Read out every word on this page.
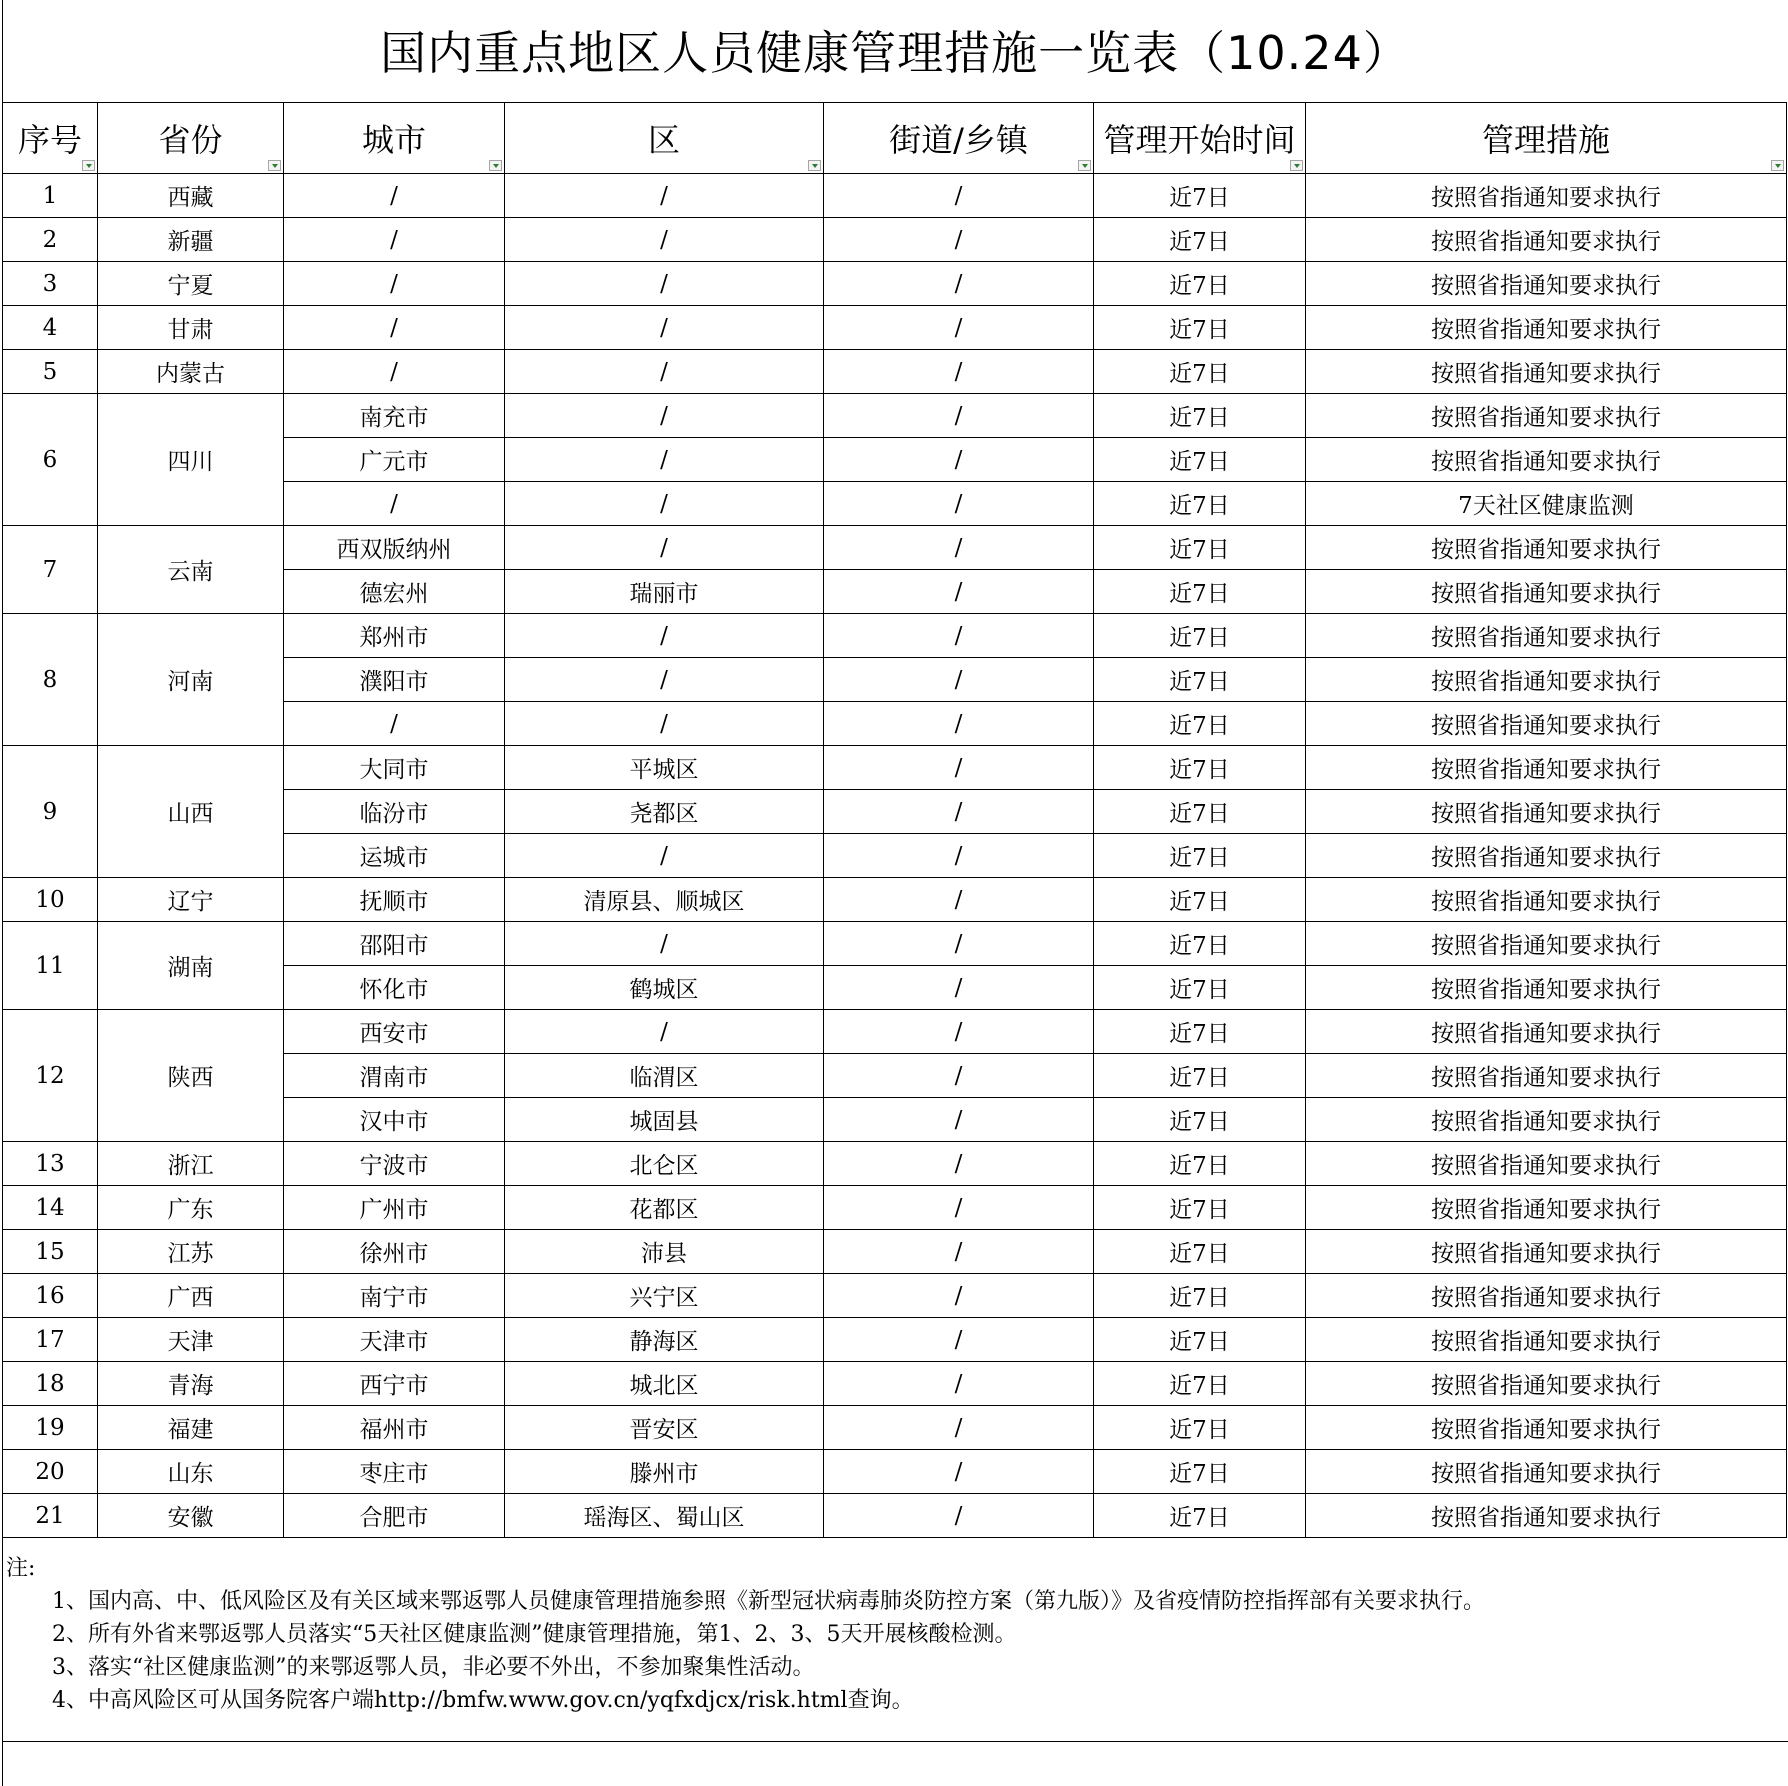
国内重点地区人员健康管理措施一览表（10.24）
序号	省份	城市	区	街道/乡镇	管理开始时间	管理措施

1	西藏	/	/	/	近7日	按照省指通知要求执行
2	新疆	/	/	/	近7日	按照省指通知要求执行
3	宁夏	/	/	/	近7日	按照省指通知要求执行
4	甘肃	/	/	/	近7日	按照省指通知要求执行
5	内蒙古	/	/	/	近7日	按照省指通知要求执行
6	四川	南充市	/	/	近7日	按照省指通知要求执行
		广元市	/	/	近7日	按照省指通知要求执行
		/	/	/	近7日	7天社区健康监测
7	云南	西双版纳州	/	/	近7日	按照省指通知要求执行
		德宏州	瑞丽市	/	近7日	按照省指通知要求执行
8	河南	郑州市	/	/	近7日	按照省指通知要求执行
		濮阳市	/	/	近7日	按照省指通知要求执行
		/	/	/	近7日	按照省指通知要求执行
9	山西	大同市	平城区	/	近7日	按照省指通知要求执行
		临汾市	尧都区	/	近7日	按照省指通知要求执行
		运城市	/	/	近7日	按照省指通知要求执行
10	辽宁	抚顺市	清原县、顺城区	/	近7日	按照省指通知要求执行
11	湖南	邵阳市	/	/	近7日	按照省指通知要求执行
		怀化市	鹤城区	/	近7日	按照省指通知要求执行
12	陕西	西安市	/	/	近7日	按照省指通知要求执行
		渭南市	临渭区	/	近7日	按照省指通知要求执行
		汉中市	城固县	/	近7日	按照省指通知要求执行
13	浙江	宁波市	北仑区	/	近7日	按照省指通知要求执行
14	广东	广州市	花都区	/	近7日	按照省指通知要求执行
15	江苏	徐州市	沛县	/	近7日	按照省指通知要求执行
16	广西	南宁市	兴宁区	/	近7日	按照省指通知要求执行
17	天津	天津市	静海区	/	近7日	按照省指通知要求执行
18	青海	西宁市	城北区	/	近7日	按照省指通知要求执行
19	福建	福州市	晋安区	/	近7日	按照省指通知要求执行
20	山东	枣庄市	滕州市	/	近7日	按照省指通知要求执行
21	安徽	合肥市	瑶海区、蜀山区	/	近7日	按照省指通知要求执行
注:
1、国内高、中、低风险区及有关区域来鄂返鄂人员健康管理措施参照《新型冠状病毒肺炎防控方案（第九版）》及省疫情防控指挥部有关要求执行。
2、所有外省来鄂返鄂人员落实“5天社区健康监测”健康管理措施，第1、2、3、5天开展核酸检测。
3、落实“社区健康监测”的来鄂返鄂人员，非必要不外出，不参加聚集性活动。
4、中高风险区可从国务院客户端http://bmfw.www.gov.cn/yqfxdjcx/risk.html查询。
